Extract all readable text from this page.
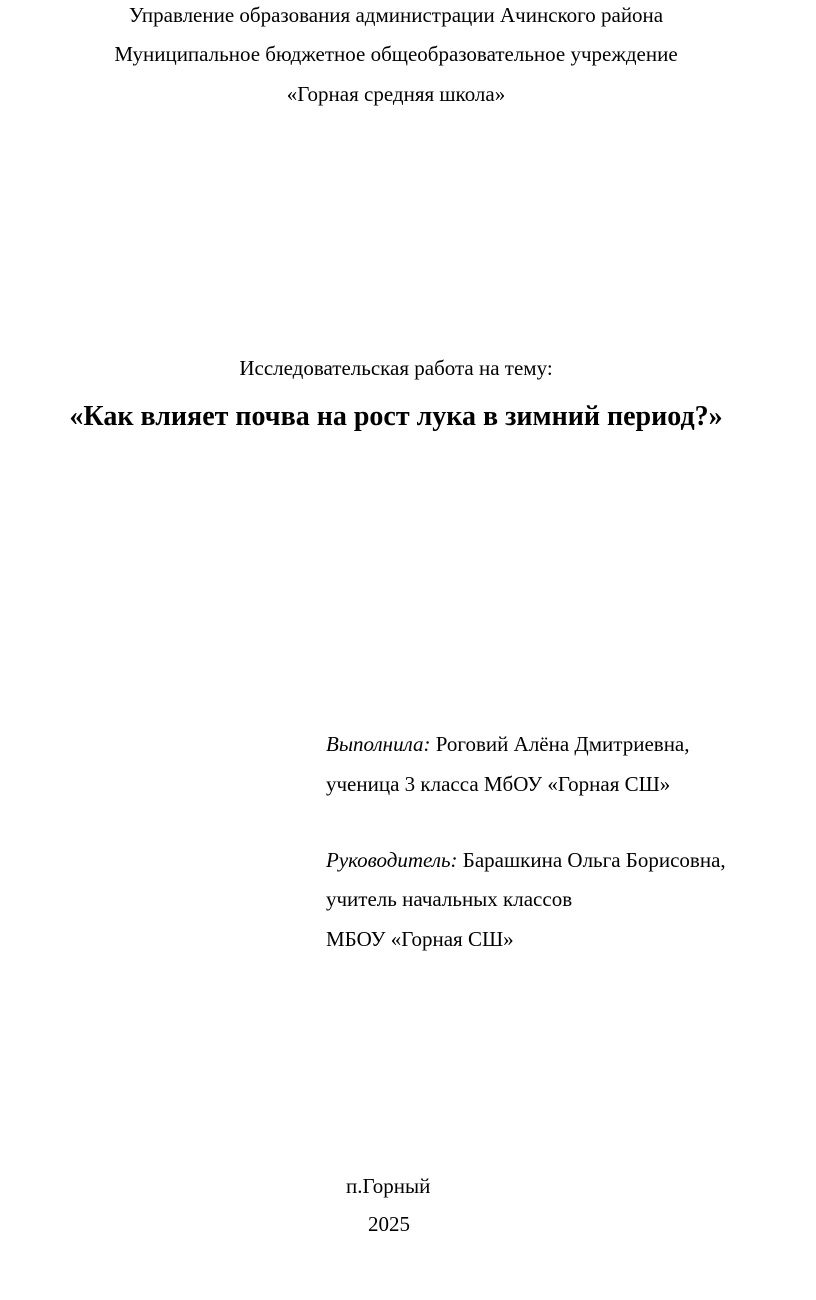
Управление образования администрации Ачинского района
Муниципальное бюджетное общеобразовательное учреждение
«Горная средняя школа»
Исследовательская работа на тему:
«Как влияет почва на рост лука в зимний период?»
Выполнила: Роговий Алёна Дмитриевна,
ученица 3 класса МбОУ «Горная СШ»
Руководитель: Барашкина Ольга Борисовна,
учитель начальных классов
МБОУ «Горная СШ»
п.Горный
2025
